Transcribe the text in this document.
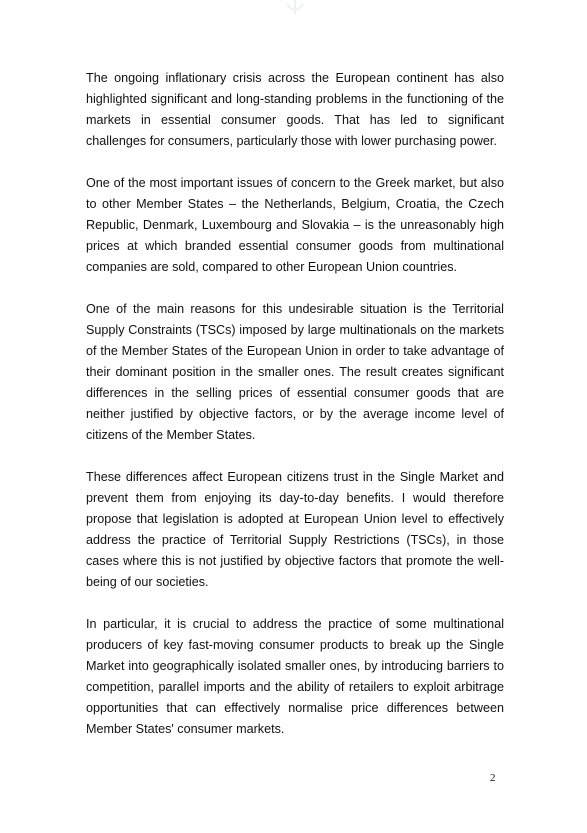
The ongoing inflationary crisis across the European continent has also highlighted significant and long-standing problems in the functioning of the markets in essential consumer goods. That has led to significant challenges for consumers, particularly those with lower purchasing power.

One of the most important issues of concern to the Greek market, but also to other Member States – the Netherlands, Belgium, Croatia, the Czech Republic, Denmark, Luxembourg and Slovakia – is the unreasonably high prices at which branded essential consumer goods from multinational companies are sold, compared to other European Union countries.

One of the main reasons for this undesirable situation is the Territorial Supply Constraints (TSCs) imposed by large multinationals on the markets of the Member States of the European Union in order to take advantage of their dominant position in the smaller ones. The result creates significant differences in the selling prices of essential consumer goods that are neither justified by objective factors, or by the average income level of citizens of the Member States.

These differences affect European citizens trust in the Single Market and prevent them from enjoying its day-to-day benefits. I would therefore propose that legislation is adopted at European Union level to effectively address the practice of Territorial Supply Restrictions (TSCs), in those cases where this is not justified by objective factors that promote the well-being of our societies.

In particular, it is crucial to address the practice of some multinational producers of key fast-moving consumer products to break up the Single Market into geographically isolated smaller ones, by introducing barriers to competition, parallel imports and the ability of retailers to exploit arbitrage opportunities that can effectively normalise price differences between Member States' consumer markets.

2
